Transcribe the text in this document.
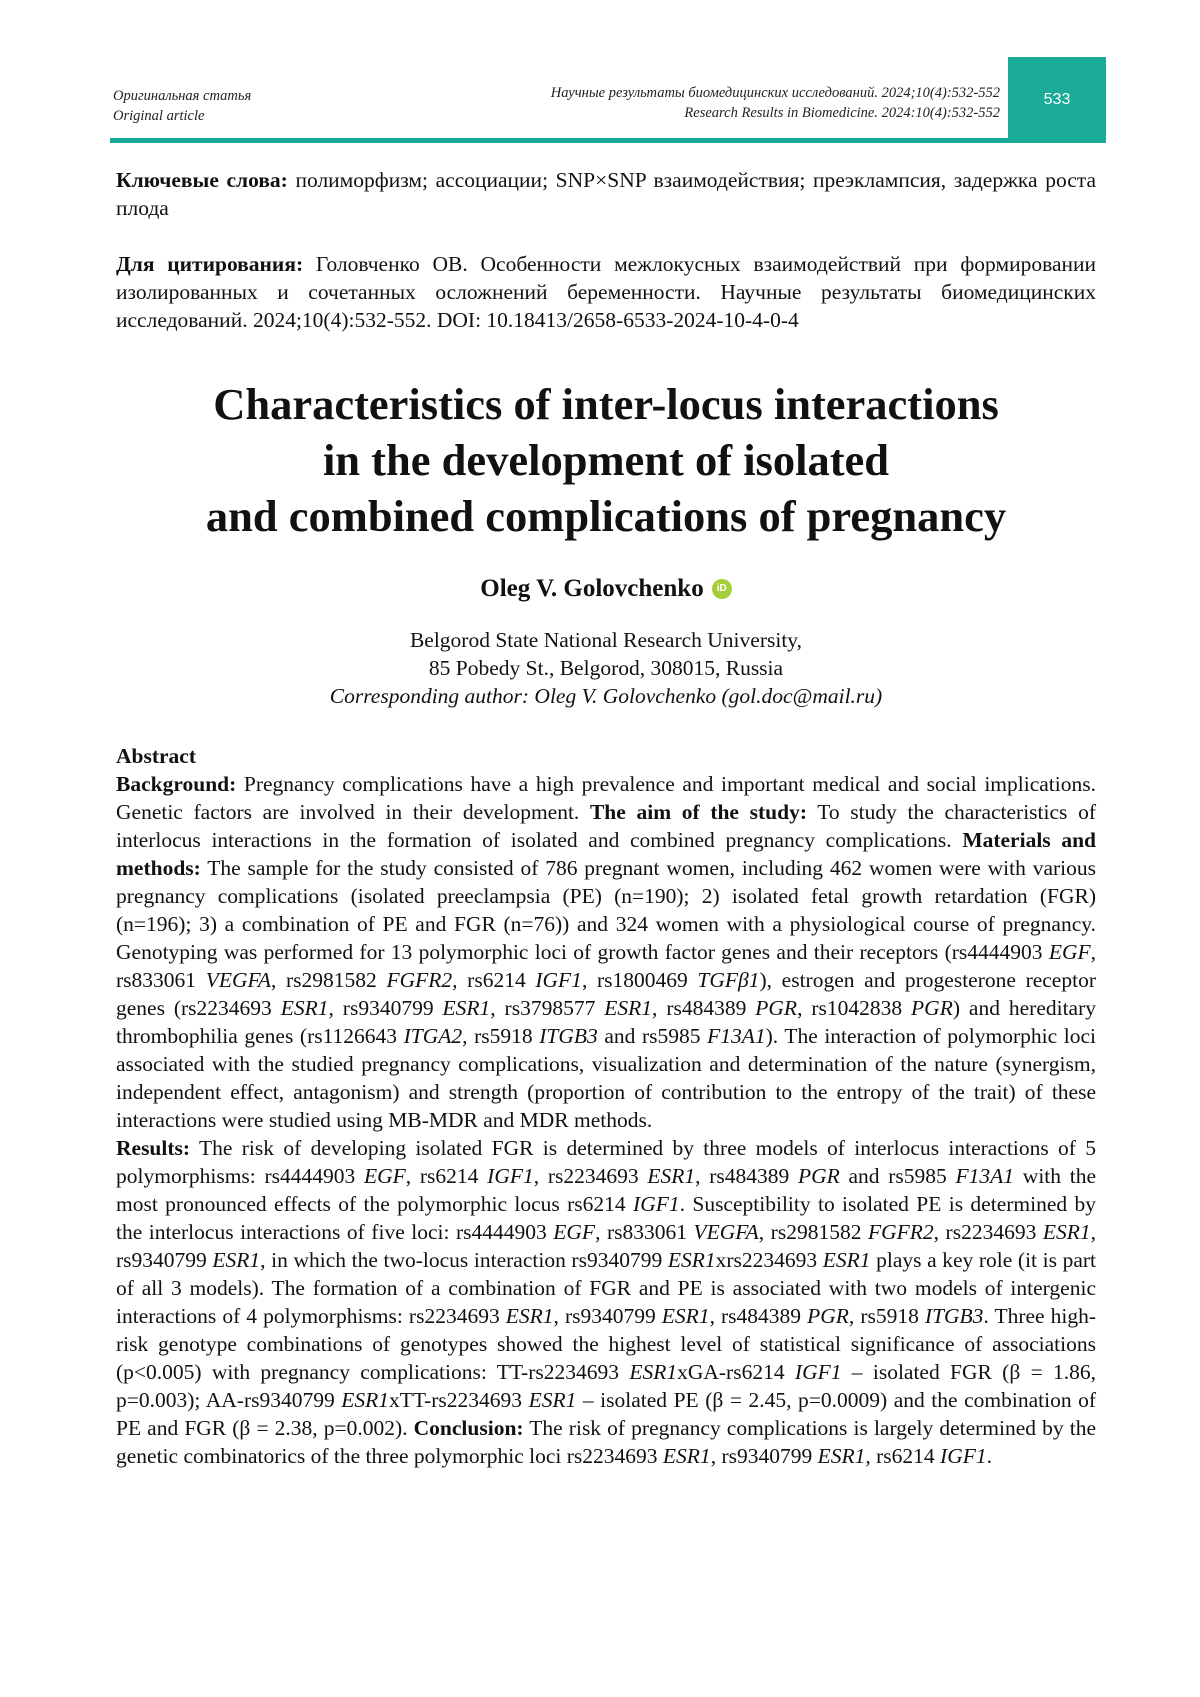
Оригинальная статья
Original article
Научные результаты биомедицинских исследований. 2024;10(4):532-552
Research Results in Biomedicine. 2024:10(4):532-552
533

Ключевые слова: полиморфизм; ассоциации; SNP×SNP взаимодействия; преэклампсия, задержка роста плода

Для цитирования: Головченко ОВ. Особенности межлокусных взаимодействий при формировании изолированных и сочетанных осложнений беременности. Научные результаты биомедицинских исследований. 2024;10(4):532-552. DOI: 10.18413/2658-6533-2024-10-4-0-4

Characteristics of inter-locus interactions
in the development of isolated
and combined complications of pregnancy
Oleg V. Golovchenko	iD
Belgorod State National Research University,
85 Pobedy St., Belgorod, 308015, Russia
Corresponding author: Oleg V. Golovchenko (gol.doc@mail.ru)
Abstract

Background: Pregnancy complications have a high prevalence and important medical and social implications. Genetic factors are involved in their development. The aim of the study: To study the characteristics of interlocus interactions in the formation of isolated and combined pregnancy complications. Materials and methods: The sample for the study consisted of 786 pregnant women, including 462 women were with various pregnancy complications (isolated preeclampsia (PE) (n=190); 2) isolated fetal growth retardation (FGR) (n=196); 3) a combination of PE and FGR (n=76)) and 324 women with a physiological course of pregnancy. Genotyping was performed for 13 polymorphic loci of growth factor genes and their receptors (rs4444903 EGF, rs833061 VEGFA, rs2981582 FGFR2, rs6214 IGF1, rs1800469 TGFβ1), estrogen and progesterone receptor genes (rs2234693 ESR1, rs9340799 ESR1, rs3798577 ESR1, rs484389 PGR, rs1042838 PGR) and hereditary thrombophilia genes (rs1126643 ITGA2, rs5918 ITGB3 and rs5985 F13A1). The interaction of polymorphic loci associated with the studied pregnancy complications, visualization and determination of the nature (synergism, independent effect, antagonism) and strength (proportion of contribution to the entropy of the trait) of these interactions were studied using MB-MDR and MDR methods.
Results: The risk of developing isolated FGR is determined by three models of interlocus interactions of 5 polymorphisms: rs4444903 EGF, rs6214 IGF1, rs2234693 ESR1, rs484389 PGR and rs5985 F13A1 with the most pronounced effects of the polymorphic locus rs6214 IGF1. Susceptibility to isolated PE is determined by the interlocus interactions of five loci: rs4444903 EGF, rs833061 VEGFA, rs2981582 FGFR2, rs2234693 ESR1, rs9340799 ESR1, in which the two-locus interaction rs9340799 ESR1xrs2234693 ESR1 plays a key role (it is part of all 3 models). The formation of a combination of FGR and PE is associated with two models of intergenic interactions of 4 polymorphisms: rs2234693 ESR1, rs9340799 ESR1, rs484389 PGR, rs5918 ITGB3. Three high-risk genotype combinations of genotypes showed the highest level of statistical significance of associations (p<0.005) with pregnancy complications: TT-rs2234693 ESR1xGA-rs6214 IGF1 – isolated FGR (β = 1.86, p=0.003); AA-rs9340799 ESR1xTT-rs2234693 ESR1 – isolated PE (β = 2.45, p=0.0009) and the combination of PE and FGR (β = 2.38, p=0.002). Conclusion: The risk of pregnancy complications is largely determined by the genetic combinatorics of the three polymorphic loci rs2234693 ESR1, rs9340799 ESR1, rs6214 IGF1.
